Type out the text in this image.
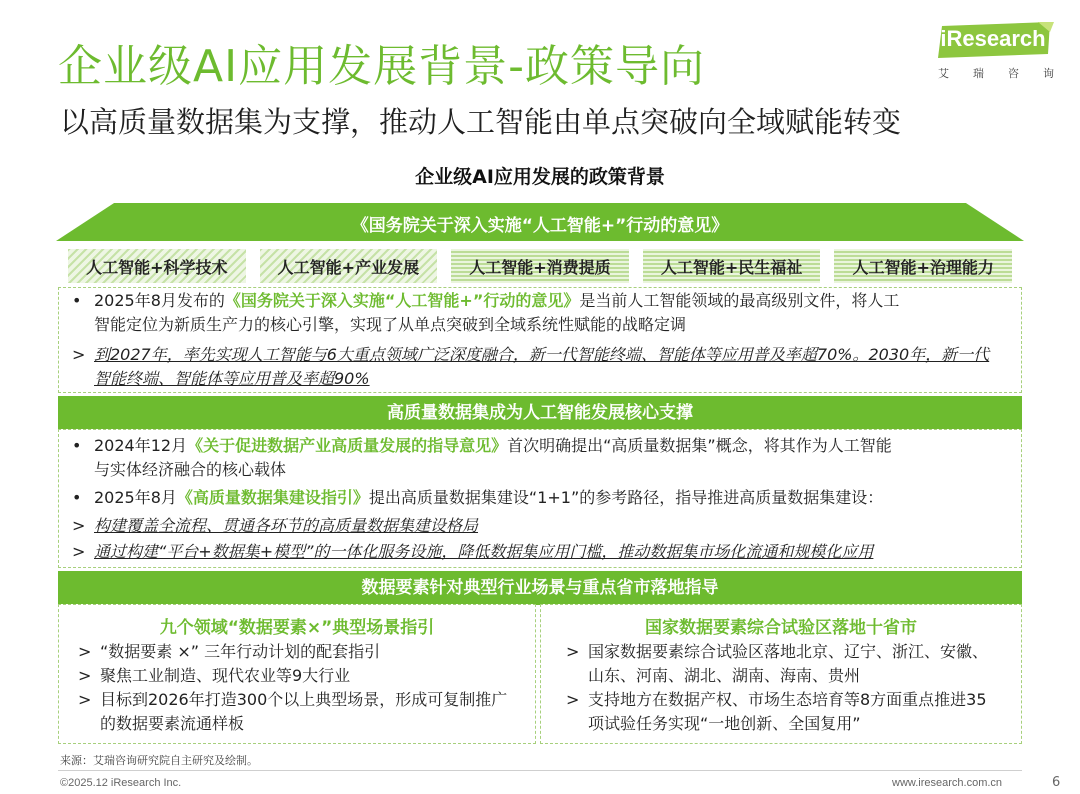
企业级AI应用发展背景-政策导向
以高质量数据集为支撑，推动人工智能由单点突破向全域赋能转变
iResearch
艾 瑞 咨 询
企业级AI应用发展的政策背景
《国务院关于深入实施“人工智能+”行动的意见》
人工智能+科学技术	人工智能+产业发展	人工智能+消费提质	人工智能+民生福祉	人工智能+治理能力
• 2025年8月发布的《国务院关于深入实施“人工智能+”行动的意见》是当前人工智能领域的最高级别文件，将人工
智能定位为新质生产力的核心引擎，实现了从单点突破到全域系统性赋能的战略定调
> 到2027年，率先实现人工智能与6大重点领域广泛深度融合，新一代智能终端、智能体等应用普及率超70%。2030年，新一代
智能终端、智能体等应用普及率超90%
高质量数据集成为人工智能发展核心支撑
• 2024年12月《关于促进数据产业高质量发展的指导意见》首次明确提出“高质量数据集”概念，将其作为人工智能
与实体经济融合的核心载体
• 2025年8月《高质量数据集建设指引》提出高质量数据集建设“1+1”的参考路径，指导推进高质量数据集建设：
> 构建覆盖全流程、贯通各环节的高质量数据集建设格局
> 通过构建“平台+数据集+模型”的一体化服务设施，降低数据集应用门槛，推动数据集市场化流通和规模化应用
数据要素针对典型行业场景与重点省市落地指导
九个领域“数据要素×”典型场景指引
> “数据要素 ×” 三年行动计划的配套指引
> 聚焦工业制造、现代农业等9大行业
> 目标到2026年打造300个以上典型场景，形成可复制推广
的数据要素流通样板
国家数据要素综合试验区落地十省市
> 国家数据要素综合试验区落地北京、辽宁、浙江、安徽、
山东、河南、湖北、湖南、海南、贵州
> 支持地方在数据产权、市场生态培育等8方面重点推进35
项试验任务实现“一地创新、全国复用”
来源：艾瑞咨询研究院自主研究及绘制。
©2025.12 iResearch Inc.	www.iresearch.com.cn	6
